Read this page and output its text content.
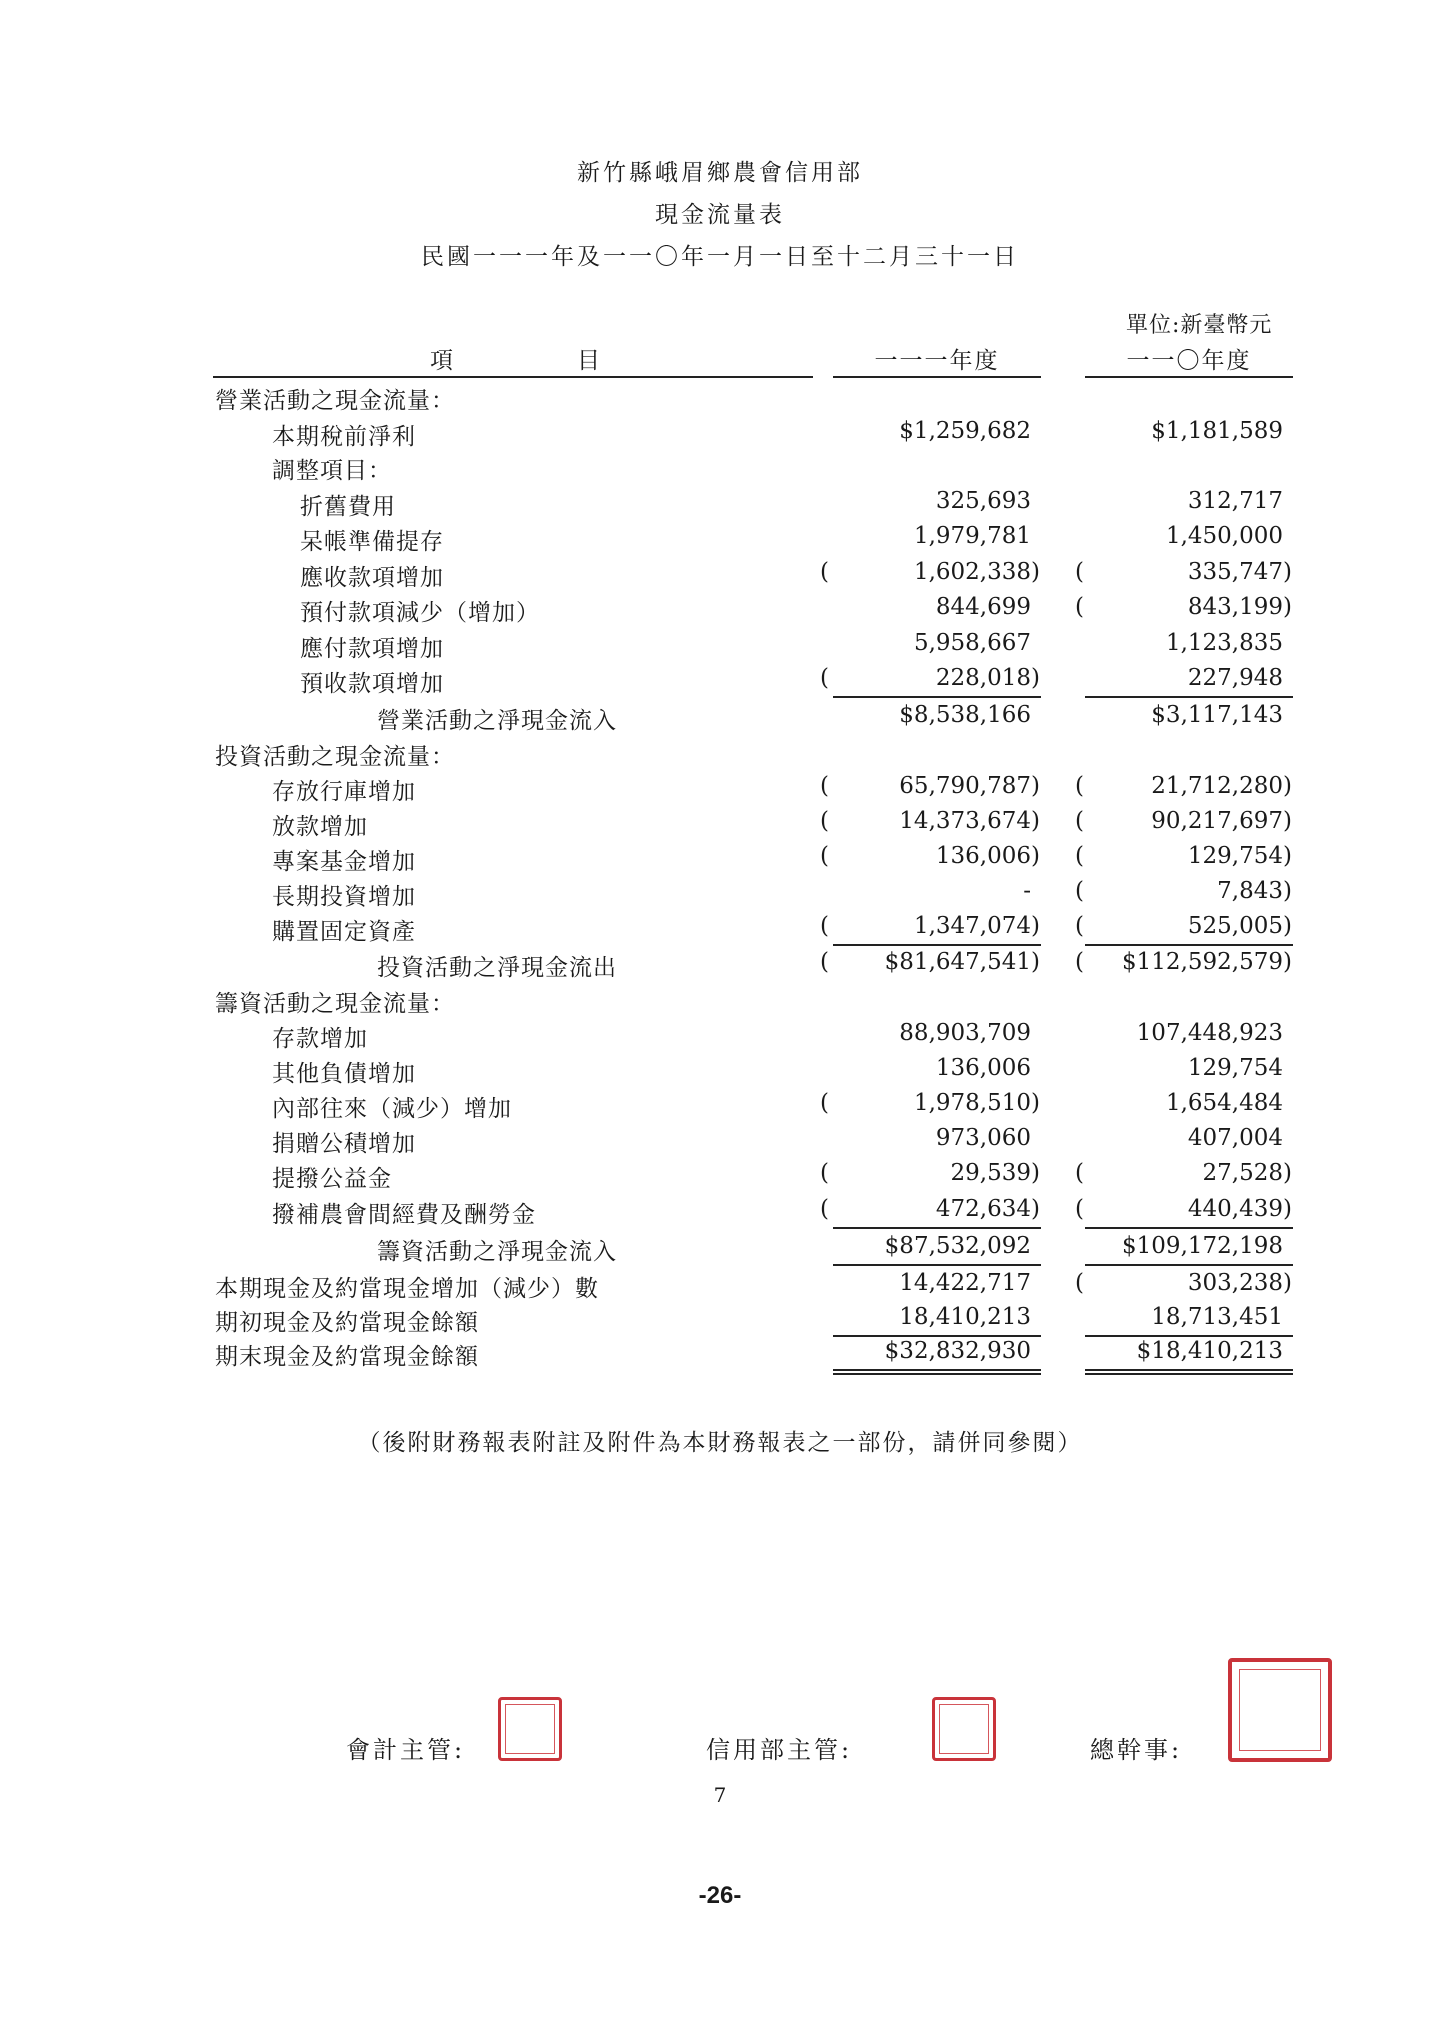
新竹縣峨眉鄉農會信用部
現金流量表
民國一一一年及一一〇年一月一日至十二月三十一日
單位:新臺幣元
項目	一一一年度	一一〇年度
營業活動之現金流量：
本期稅前淨利	$1,259,682	$1,181,589
調整項目：
折舊費用	325,693	312,717
呆帳準備提存	1,979,781	1,450,000
應收款項增加	(	1,602,338) (	335,747)
預付款項減少（增加）	844,699	(	843,199)
應付款項增加	5,958,667	1,123,835
預收款項增加	(	228,018)	227,948
營業活動之淨現金流入	$8,538,166	$3,117,143
投資活動之現金流量：
存放行庫增加	(	65,790,787) (	21,712,280)
放款增加	(	14,373,674) (	90,217,697)
專案基金增加	(	136,006) (	129,754)
長期投資增加	-	(	7,843)
購置固定資產	(	1,347,074) (	525,005)
投資活動之淨現金流出	(	$81,647,541) (	$112,592,579)
籌資活動之現金流量：
存款增加	88,903,709	107,448,923
其他負債增加	136,006	129,754
內部往來（減少）增加	(	1,978,510)	1,654,484
捐贈公積增加	973,060	407,004
提撥公益金	(	29,539) (	27,528)
撥補農會間經費及酬勞金	(	472,634) (	440,439)
籌資活動之淨現金流入	$87,532,092	$109,172,198
本期現金及約當現金增加（減少）數	14,422,717	(	303,238)
期初現金及約當現金餘額	18,410,213	18,713,451
期末現金及約當現金餘額	$32,832,930	$18,410,213
（後附財務報表附註及附件為本財務報表之一部份，請併同參閱）
會計主管:	信用部主管:	總幹事:
7
-26-
